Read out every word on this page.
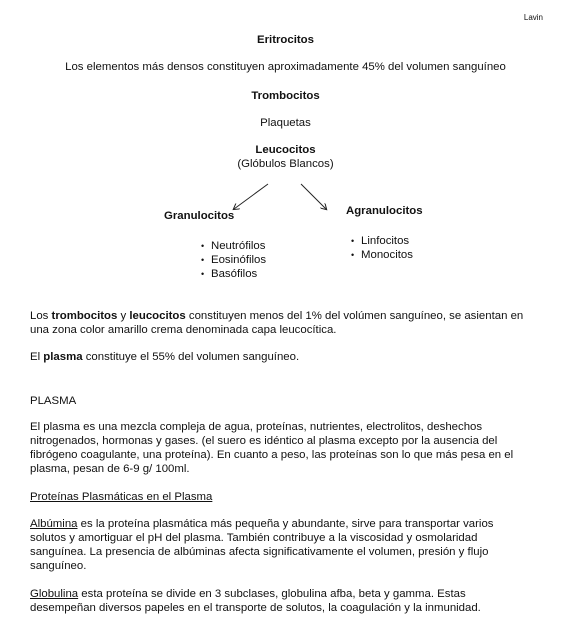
Lavin
Eritrocitos
Los elementos más densos constituyen aproximadamente 45% del volumen sanguíneo
Trombocitos
Plaquetas
Leucocitos
(Glóbulos Blancos)
Granulocitos
• Neutrófilos
• Eosinófilos
• Basófilos
Agranulocitos
• Linfocitos
• Monocitos
Los trombocitos y leucocitos constituyen menos del 1% del volúmen sanguíneo, se asientan en
una zona color amarillo crema denominada capa leucocítica.
El plasma constituye el 55% del volumen sanguíneo.
PLASMA
El plasma es una mezcla compleja de agua, proteínas, nutrientes, electrolitos, deshechos
nitrogenados, hormonas y gases. (el suero es idéntico al plasma excepto por la ausencia del
fibrógeno coagulante, una proteína). En cuanto a peso, las proteínas son lo que más pesa en el
plasma, pesan de 6-9 g/ 100ml.
Proteínas Plasmáticas en el Plasma
Albúmina es la proteína plasmática más pequeña y abundante, sirve para transportar varios
solutos y amortiguar el pH del plasma. También contribuye a la viscosidad y osmolaridad
sanguínea. La presencia de albúminas afecta significativamente el volumen, presión y flujo
sanguíneo.
Globulina esta proteína se divide en 3 subclases, globulina afba, beta y gamma. Estas
desempeñan diversos papeles en el transporte de solutos, la coagulación y la inmunidad.
